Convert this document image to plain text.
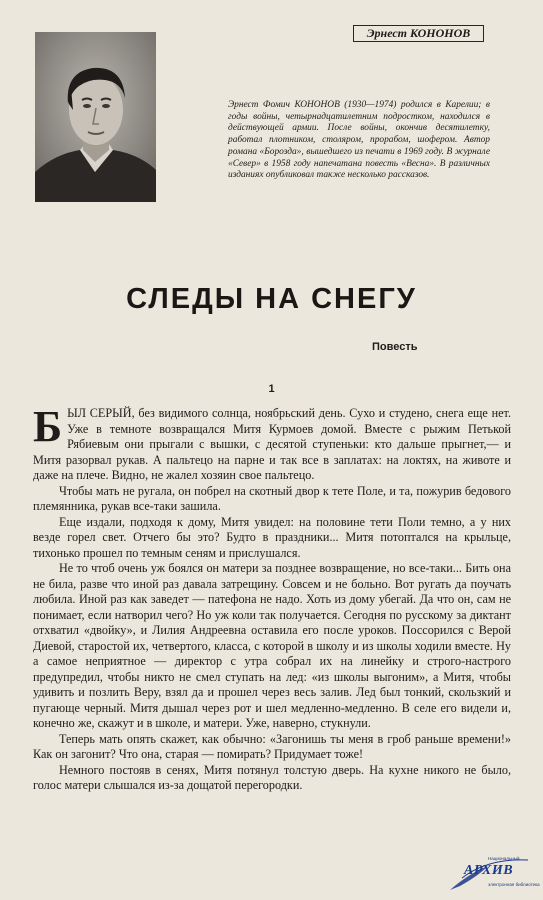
Эрнест КОНОНОВ

Эрнест Фомич КОНОНОВ (1930—1974) родился в Карелии; в годы войны, четырнадцатилетним подростком, находился в действующей армии. После войны, окончив десятилетку, работал плотником, столяром, прорабом, шофером. Автор романа «Борозда», вышедшего из печати в 1969 году. В журнале «Север» в 1958 году напечатана повесть «Весна». В различных изданиях опубликовал также несколько рассказов.

СЛЕДЫ НА СНЕГУ
Повесть
1

БЫЛ СЕРЫЙ, без видимого солнца, ноябрьский день. Сухо и студено, снега еще нет. Уже в темноте возвращался Митя Курмоев домой. Вместе с рыжим Петькой Рябиевым они прыгали с вышки, с десятой ступеньки: кто дальше прыгнет,— и Митя разорвал рукав. А пальтецо на парне и так все в заплатах: на локтях, на животе и даже на плече. Видно, не жалел хозяин свое пальтецо.

Чтобы мать не ругала, он побрел на скотный двор к тете Поле, и та, пожурив бедового племянника, рукав все-таки зашила.

Еще издали, подходя к дому, Митя увидел: на половине тети Поли темно, а у них везде горел свет. Отчего бы это? Будто в праздники... Митя потоптался на крыльце, тихонько прошел по темным сеням и прислушался.

Не то чтоб очень уж боялся он матери за позднее возвращение, но все-таки... Бить она не била, разве что иной раз давала затрещину. Совсем и не больно. Вот ругать да поучать любила. Иной раз как заведет — патефона не надо. Хоть из дому убегай. Да что он, сам не понимает, если натворил чего? Но уж коли так получается. Сегодня по русскому за диктант отхватил «двойку», и Лилия Андреевна оставила его после уроков. Поссорился с Верой Диевой, старостой их, четвертого, класса, с которой в школу и из школы ходили вместе. Ну а самое неприятное — директор с утра собрал их на линейку и строго-настрого предупредил, чтобы никто не смел ступать на лед: «из школы выгоним», а Митя, чтобы удивить и позлить Веру, взял да и прошел через весь залив. Лед был тонкий, скользкий и пугающе черный. Митя дышал через рот и шел медленно-медленно. В селе его видели и, конечно же, скажут и в школе, и матери. Уже, наверно, стукнули.

Теперь мать опять скажет, как обычно: «Загонишь ты меня в гроб раньше времени!» Как он загонит? Что она, старая — помирать? Придумает тоже!

Немного постояв в сенях, Митя потянул толстую дверь. На кухне никого не было, голос матери слышался из-за дощатой перегородки.

Национальный
АРХИВ
электронная библиотека
